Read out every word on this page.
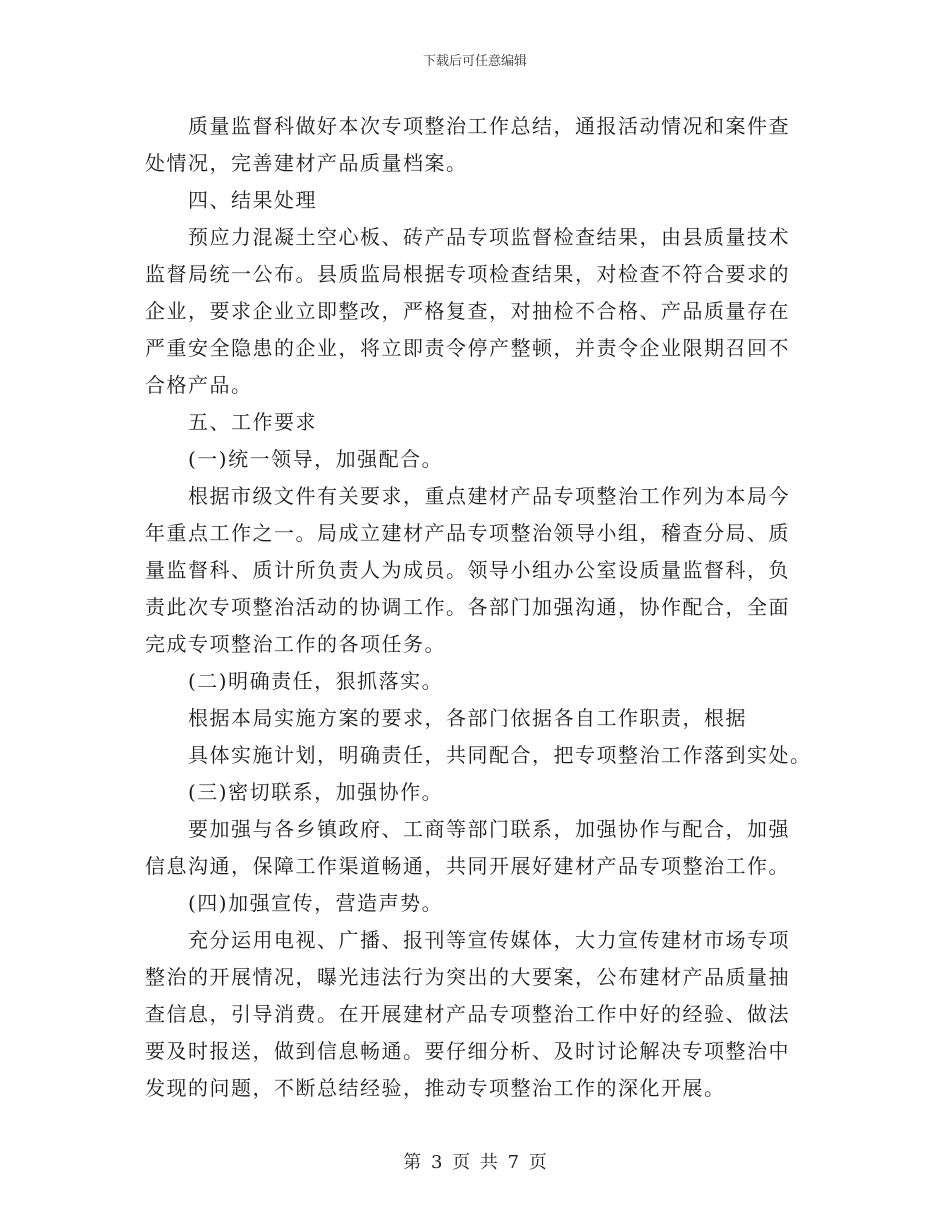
下载后可任意编辑
质量监督科做好本次专项整治工作总结，通报活动情况和案件查
处情况，完善建材产品质量档案。
四、结果处理
预应力混凝土空心板、砖产品专项监督检查结果，由县质量技术
监督局统一公布。县质监局根据专项检查结果，对检查不符合要求的
企业，要求企业立即整改，严格复查，对抽检不合格、产品质量存在
严重安全隐患的企业，将立即责令停产整顿，并责令企业限期召回不
合格产品。
五、工作要求
(一)统一领导，加强配合。
根据市级文件有关要求，重点建材产品专项整治工作列为本局今
年重点工作之一。局成立建材产品专项整治领导小组，稽查分局、质
量监督科、质计所负责人为成员。领导小组办公室设质量监督科，负
责此次专项整治活动的协调工作。各部门加强沟通，协作配合，全面
完成专项整治工作的各项任务。
(二)明确责任，狠抓落实。
根据本局实施方案的要求，各部门依据各自工作职责，根据
具体实施计划，明确责任，共同配合，把专项整治工作落到实处。
(三)密切联系，加强协作。
要加强与各乡镇政府、工商等部门联系，加强协作与配合，加强
信息沟通，保障工作渠道畅通，共同开展好建材产品专项整治工作。
(四)加强宣传，营造声势。
充分运用电视、广播、报刊等宣传媒体，大力宣传建材市场专项
整治的开展情况，曝光违法行为突出的大要案，公布建材产品质量抽
查信息，引导消费。在开展建材产品专项整治工作中好的经验、做法
要及时报送，做到信息畅通。要仔细分析、及时讨论解决专项整治中
发现的问题，不断总结经验，推动专项整治工作的深化开展。
第 3 页 共 7 页
